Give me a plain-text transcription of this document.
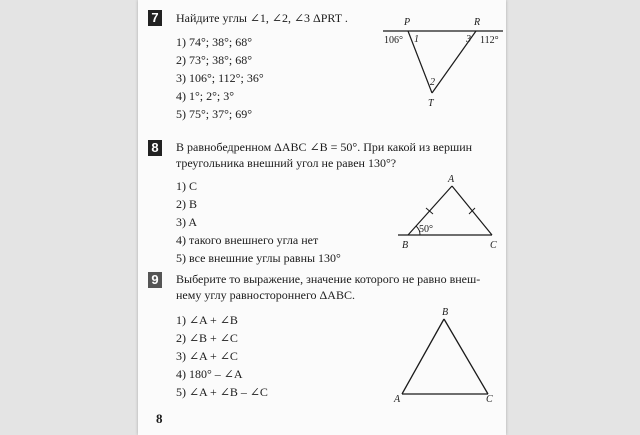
7 Найдите углы ∠1, ∠2, ∠3 ΔPRT .
1) 74°; 38°; 68°
2) 73°; 38°; 68°
3) 106°; 112°; 36°
4) 1°; 2°; 3°
5) 75°; 37°; 69°
P	R
T
106°	112°
1	3
2
8 В равнобедренном ΔABC ∠B = 50°. При какой из вершин
треугольника внешний угол не равен 130°?
1) C
2) B
3) A
4) такого внешнего угла нет
5) все внешние углы равны 130°
50°
A
B	C
9 Выберите то выражение, значение которого не равно внеш-
нему углу равностороннего ΔABC.
1) ∠A + ∠B
2) ∠B + ∠C
3) ∠A + ∠C
4) 180° – ∠A
5) ∠A + ∠B – ∠C
B
A	C
8
